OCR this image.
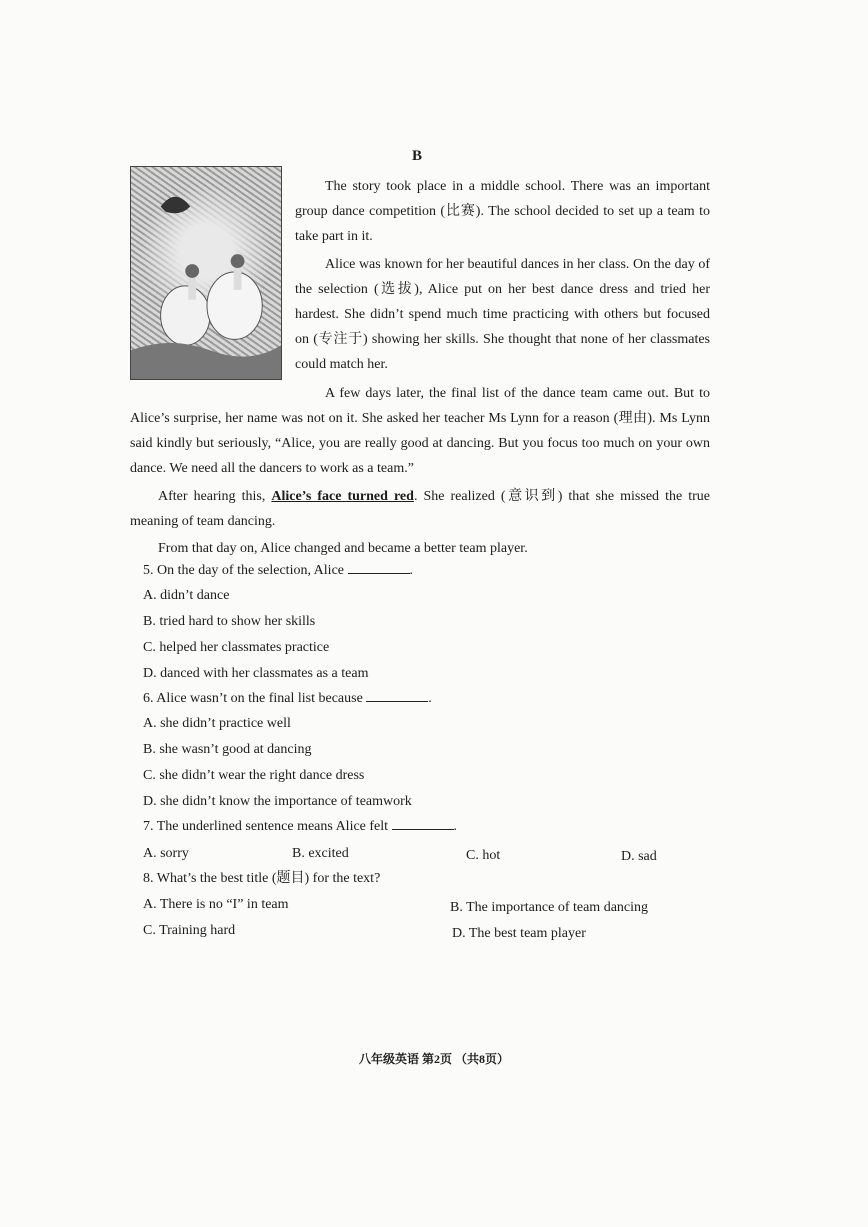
B

The story took place in a middle school. There was an important group dance competition (比赛). The school decided to set up a team to take part in it.

Alice was known for her beautiful dances in her class. On the day of the selection (选拔), Alice put on her best dance dress and tried her hardest. She didn’t spend much time practicing with others but focused on (专注于) showing her skills. She thought that none of her classmates could match her.

A few days later, the final list of the dance team came out. But to Alice’s surprise, her name was not on it. She asked her teacher Ms Lynn for a reason (理由). Ms Lynn said kindly but seriously, “Alice, you are really good at dancing. But you focus too much on your own dance. We need all the dancers to work as a team.”

After hearing this, Alice’s face turned red. She realized (意识到) that she missed the true meaning of team dancing.

From that day on, Alice changed and became a better team player.

5. On the day of the selection, Alice	.
A. didn’t dance
B. tried hard to show her skills
C. helped her classmates practice
D. danced with her classmates as a team
6. Alice wasn’t on the final list because	.
A. she didn’t practice well
B. she wasn’t good at dancing
C. she didn’t wear the right dance dress
D. she didn’t know the importance of teamwork
7. The underlined sentence means Alice felt	.
A. sorry	B. excited	C. hot	D. sad
8. What’s the best title (题目) for the text?
A. There is no “I” in team	B. The importance of team dancing
C. Training hard	D. The best team player
八年级英语 第2页 （共8页）
